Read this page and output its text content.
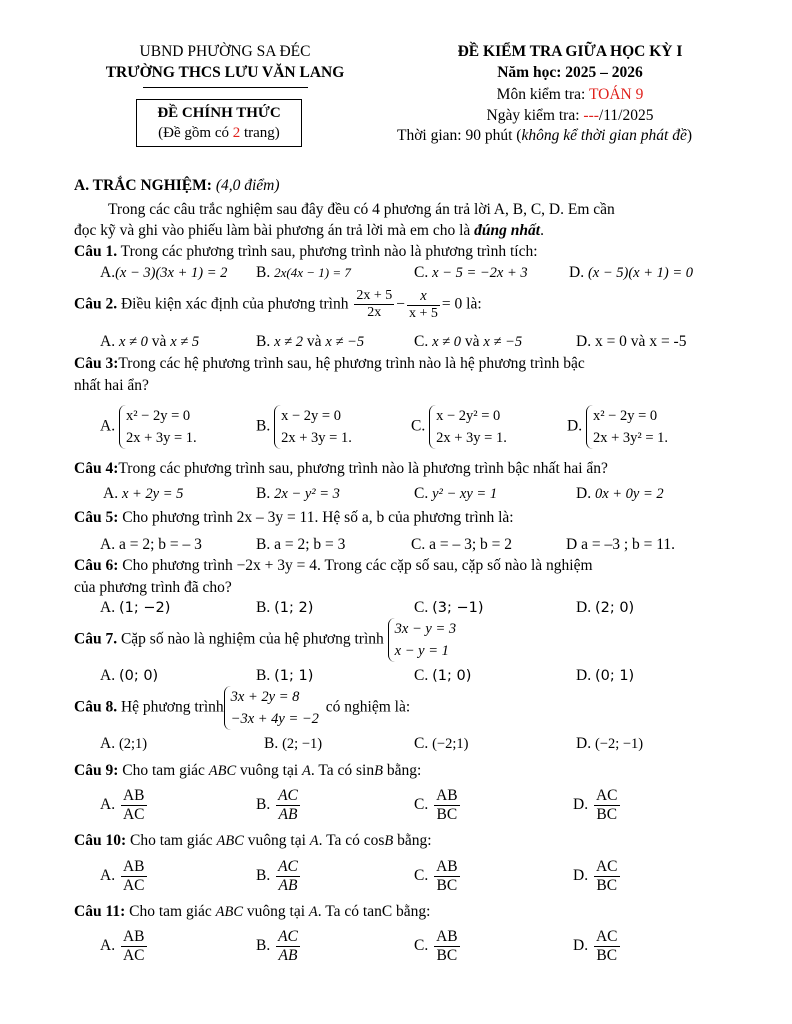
UBND PHƯỜNG SA ĐÉC
TRƯỜNG THCS LƯU VĂN LANG
ĐỀ CHÍNH THỨC
(Đề gồm có 2 trang)
ĐỀ KIỂM TRA GIỮA HỌC KỲ I
Năm học: 2025 – 2026
Môn kiểm tra: TOÁN 9
Ngày kiểm tra: ---/11/2025
Thời gian: 90 phút (không kể thời gian phát đề)
A. TRẮC NGHIỆM: (4,0 điểm)
Trong các câu trắc nghiệm sau đây đều có 4 phương án trả lời A, B, C, D. Em cần
đọc kỹ và ghi vào phiếu làm bài phương án trả lời mà em cho là đúng nhất.
Câu 1. Trong các phương trình sau, phương trình nào là phương trình tích:
A.(x − 3)(3x + 1) = 2 B. 2x(4x − 1) = 7	C. x − 5 = −2x + 3	D. (x − 5)(x + 1) = 0
Câu 2. Điều kiện xác định của phương trình $\frac{2x + 5}{2x} - \frac{x}{x + 5} = 0$ là:
A. x ≠ 0 và x ≠ 5	B. x ≠ 2 và x ≠ −5	C. x ≠ 0 và x ≠ −5	D. x = 0 và x = -5
Câu 3:Trong các hệ phương trình sau, hệ phương trình nào là hệ phương trình bậc
nhất hai ẩn?
A.
x² − 2y = 0
2x + 3y = 1.
B.
x − 2y = 0
2x + 3y = 1.
C.
x − 2y² = 0
2x + 3y = 1.
D.
x² − 2y = 0
2x + 3y² = 1.
Câu 4:Trong các phương trình sau, phương trình nào là phương trình bậc nhất hai ẩn?
A. x + 2y = 5	B. 2x − y² = 3	C. y² − xy = 1	D. 0x + 0y = 2
Câu 5: Cho phương trình 2x – 3y = 11. Hệ số a, b của phương trình là:
A. a = 2; b = – 3	B. a = 2; b = 3	C. a = – 3; b = 2	D a = –3 ; b = 11.
Câu 6: Cho phương trình −2x + 3y = 4. Trong các cặp số sau, cặp số nào là nghiệm
của phương trình đã cho?
A. (1; −2)	B. (1; 2)	C. (3; −1)	D. (2; 0)
Câu 7. Cặp số nào là nghiệm của hệ phương trình
3x − y = 3
x − y = 1
A. (0; 0)	B. (1; 1)	C. (1; 0)	D. (0; 1)
Câu 8. Hệ phương trình
3x + 2y = 8
−3x + 4y = −2
có nghiệm là:
A. (2;1)	B. (2; −1)	C. (−2;1)	D. (−2; −1)
Câu 9: Cho tam giác ABC vuông tại A. Ta có sinB bằng:
A. $\frac{AB}{AC}$	B. $\frac{AC}{AB}$	C. $\frac{AB}{BC}$	D. $\frac{AC}{BC}$
Câu 10: Cho tam giác ABC vuông tại A. Ta có cosB bằng:
A. $\frac{AB}{AC}$	B. $\frac{AC}{AB}$	C. $\frac{AB}{BC}$	D. $\frac{AC}{BC}$
Câu 11: Cho tam giác ABC vuông tại A. Ta có tanC bằng:
A. $\frac{AB}{AC}$	B. $\frac{AC}{AB}$	C. $\frac{AB}{BC}$	D. $\frac{AC}{BC}$
